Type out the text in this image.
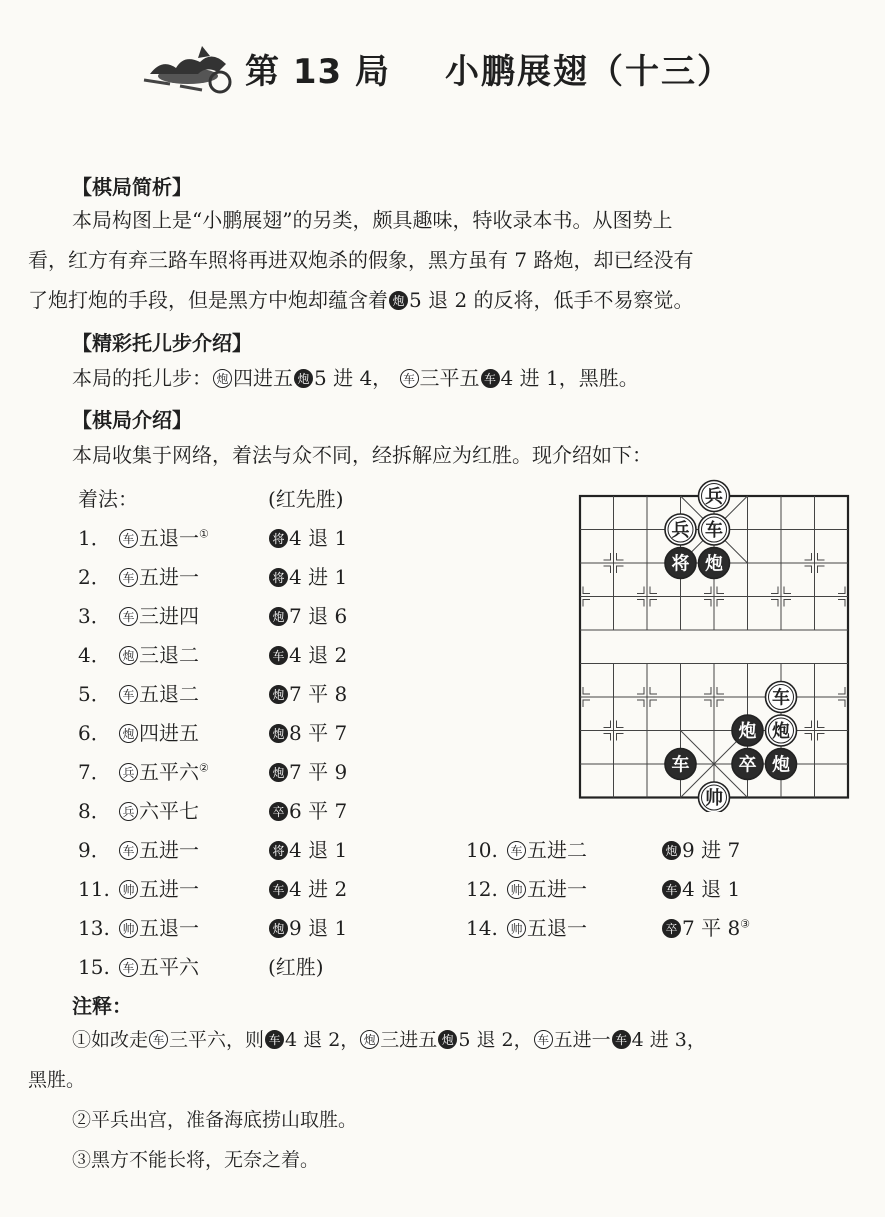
第 13 局 小鹏展翅（十三）
【棋局简析】
本局构图上是“小鹏展翅”的另类，颇具趣味，特收录本书。从图势上
看，红方有弃三路车照将再进双炮杀的假象，黑方虽有 7 路炮，却已经没有
了炮打炮的手段，但是黑方中炮却蕴含着 炮 5 退 2 的反将，低手不易察觉。
【精彩托儿步介绍】
本局的托儿步： 炮 四进五 炮 5 进 4， 车 三平五 车 4 进 1，黑胜。
【棋局介绍】
本局收集于网络，着法与众不同，经拆解应为红胜。现介绍如下：
着法：	(红先胜)
1． 车 五退一①	将 4 退 1
2． 车 五进一	将 4 进 1
3． 车 三进四	炮 7 退 6
4． 炮 三退二	车 4 退 2
5． 车 五退二	炮 7 平 8
6． 炮 四进五	炮 8 平 7
7． 兵 五平六②	炮 7 平 9
8． 兵 六平七	卒 6 平 7
9． 车 五进一	将 4 退 1	10. 车 五进二	炮 9 进 7
11. 帅 五进一	车 4 进 2	12. 帅 五进一	车 4 退 1
13. 帅 五退一	炮 9 退 1	14. 帅 五退一	卒 7 平 8③
15. 车 五平六	(红胜)
兵
兵 车
将 炮
车
炮 炮
车	卒 炮
帅
注释：
①如改走 车 三平六，则 车 4 退 2， 炮 三进五 炮 5 退 2， 车 五进一 车 4 进 3，
黑胜。
②平兵出宫，准备海底捞山取胜。
③黑方不能长将，无奈之着。
